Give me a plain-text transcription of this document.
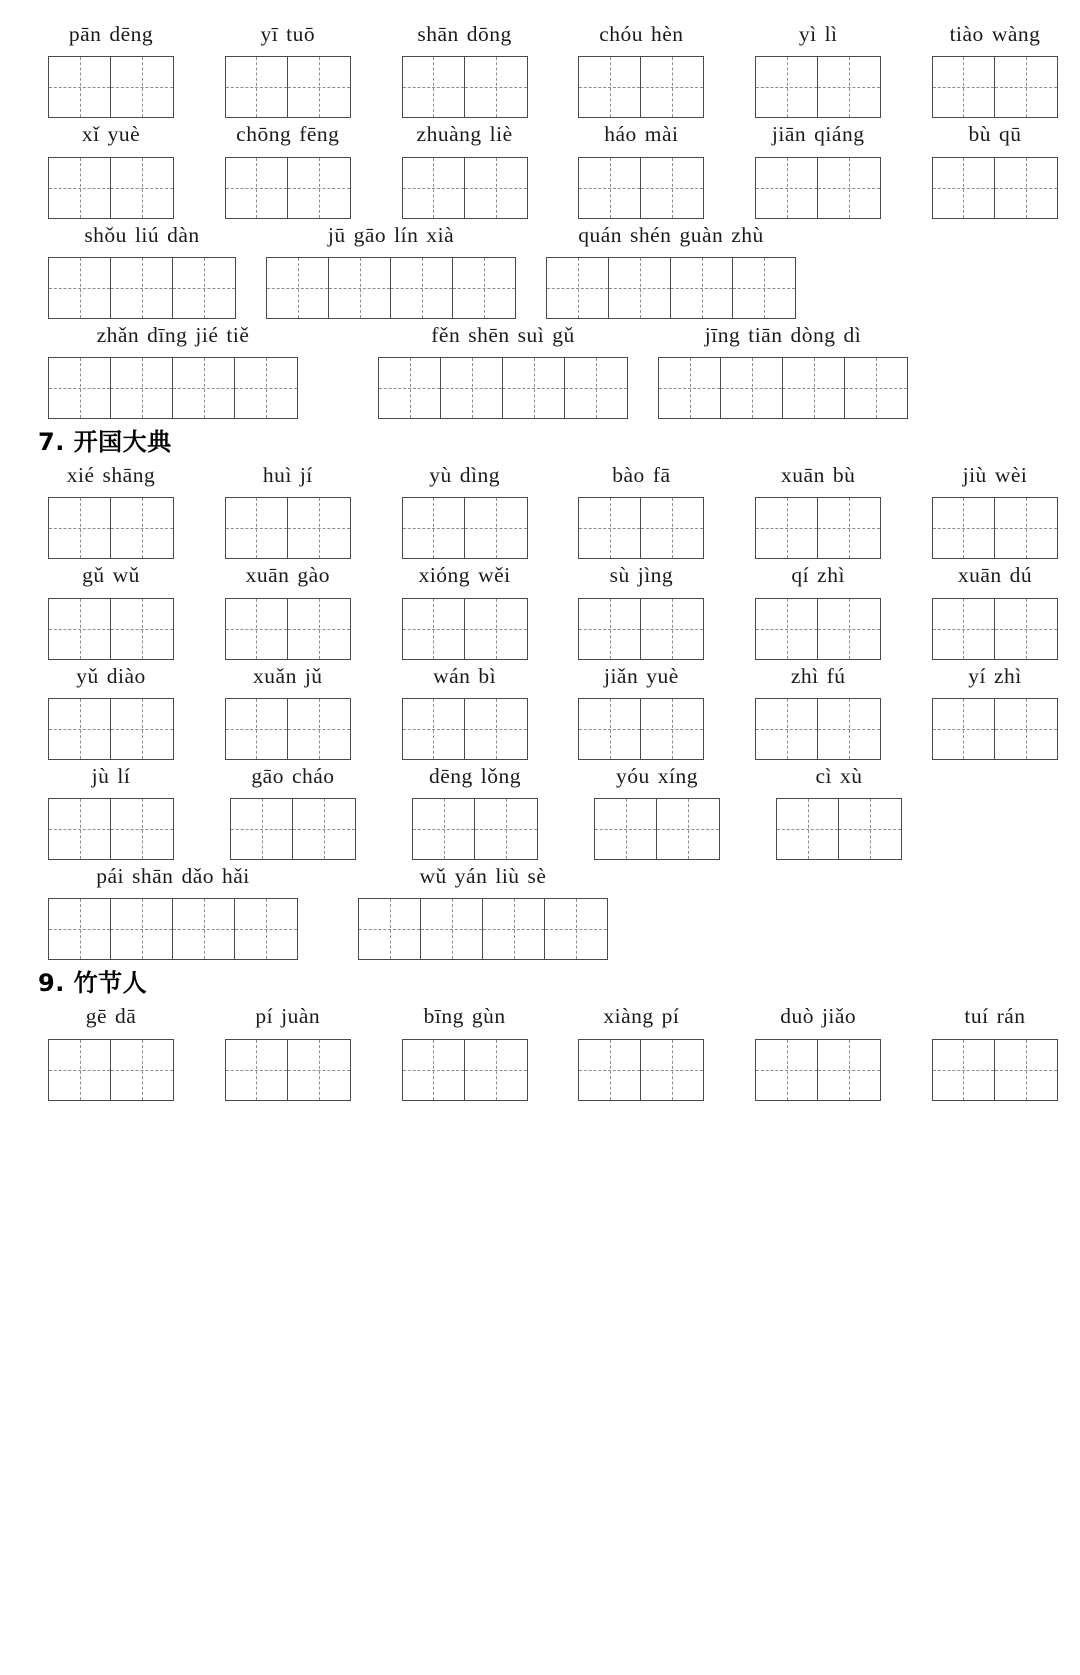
pān dēng	yī tuō	shān dōng	chóu hèn	yì lì	tiào wàng
xǐ yuè	chōng fēng	zhuàng liè	háo mài	jiān qiáng	bù qū
shǒu liú dàn	jū gāo lín xià	quán shén guàn zhù
zhǎn dīng jié tiě	fěn shēn suì gǔ	jīng tiān dòng dì
7. 开国大典
xié shāng	huì jí	yù dìng	bào fā	xuān bù	jiù wèi
gǔ wǔ	xuān gào	xióng wěi	sù jìng	qí zhì	xuān dú
yǔ diào	xuǎn jǔ	wán bì	jiǎn yuè	zhì fú	yí zhì
jù lí	gāo cháo	dēng lǒng	yóu xíng	cì xù
pái shān dǎo hǎi	wǔ yán liù sè
9. 竹节人
gē dā	pí juàn	bīng gùn	xiàng pí	duò jiǎo	tuí rán
